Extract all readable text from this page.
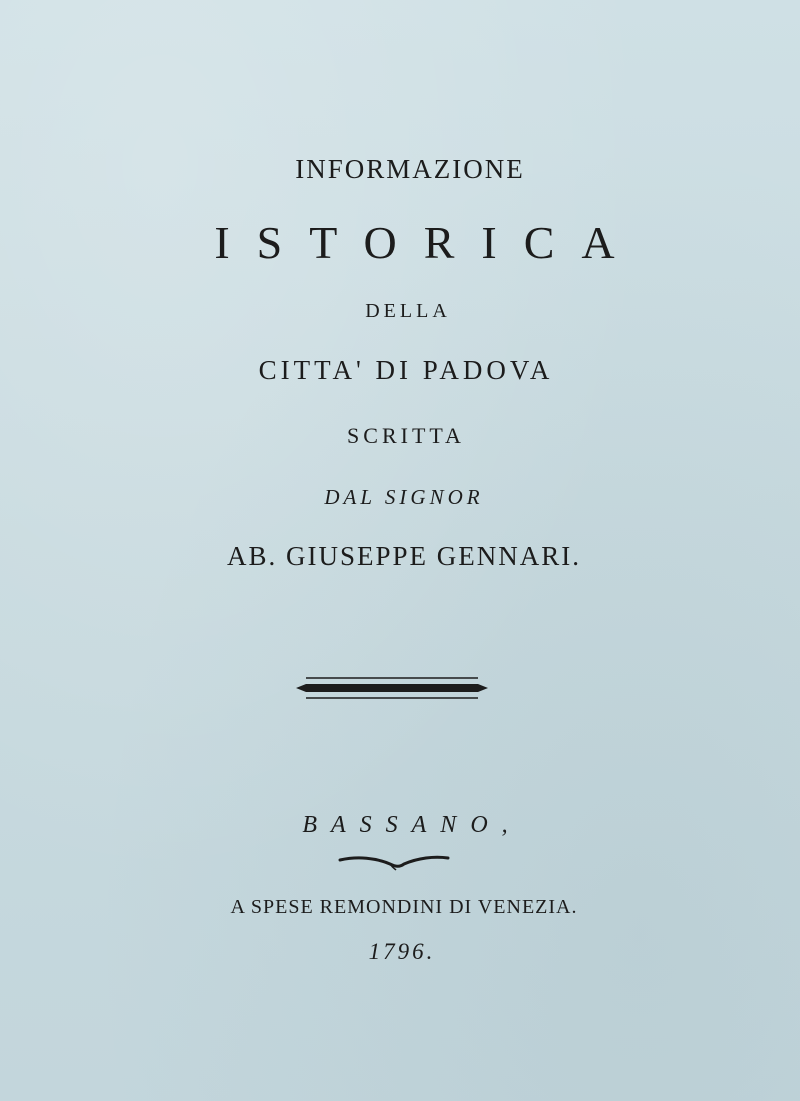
INFORMAZIONE
ISTORICA
DELLA
CITTA' DI PADOVA
SCRITTA
DAL SIGNOR
AB. GIUSEPPE GENNARI.
BASSANO,
A SPESE REMONDINI DI VENEZIA.
1796.
